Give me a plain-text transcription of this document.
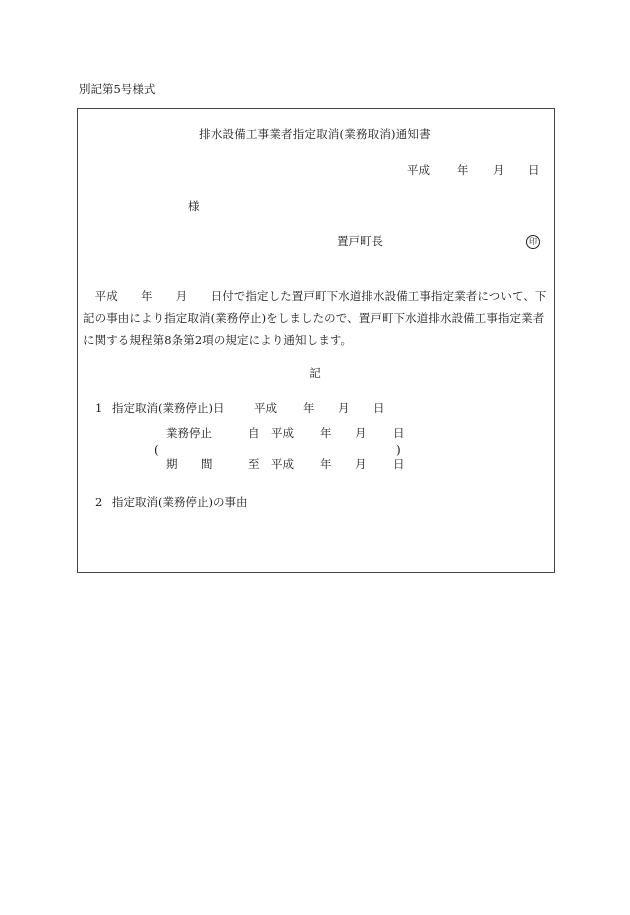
別記第5号様式
排水設備工事業者指定取消(業務取消)通知書
平成 年 月 日
様
置戸町長	印
　平成　　年　　月　　日付で指定した置戸町下水道排水設備工事指定業者について、下
記の事由により指定取消(業務停止)をしましたので、置戸町下水道排水設備工事指定業者
に関する規程第8条第2項の規定により通知します。
記
1 指定取消(業務停止)日	平成 年 月 日
業務停止	自 平成 年 月 日
(	)
期 間	至 平成 年 月 日
2 指定取消(業務停止)の事由
